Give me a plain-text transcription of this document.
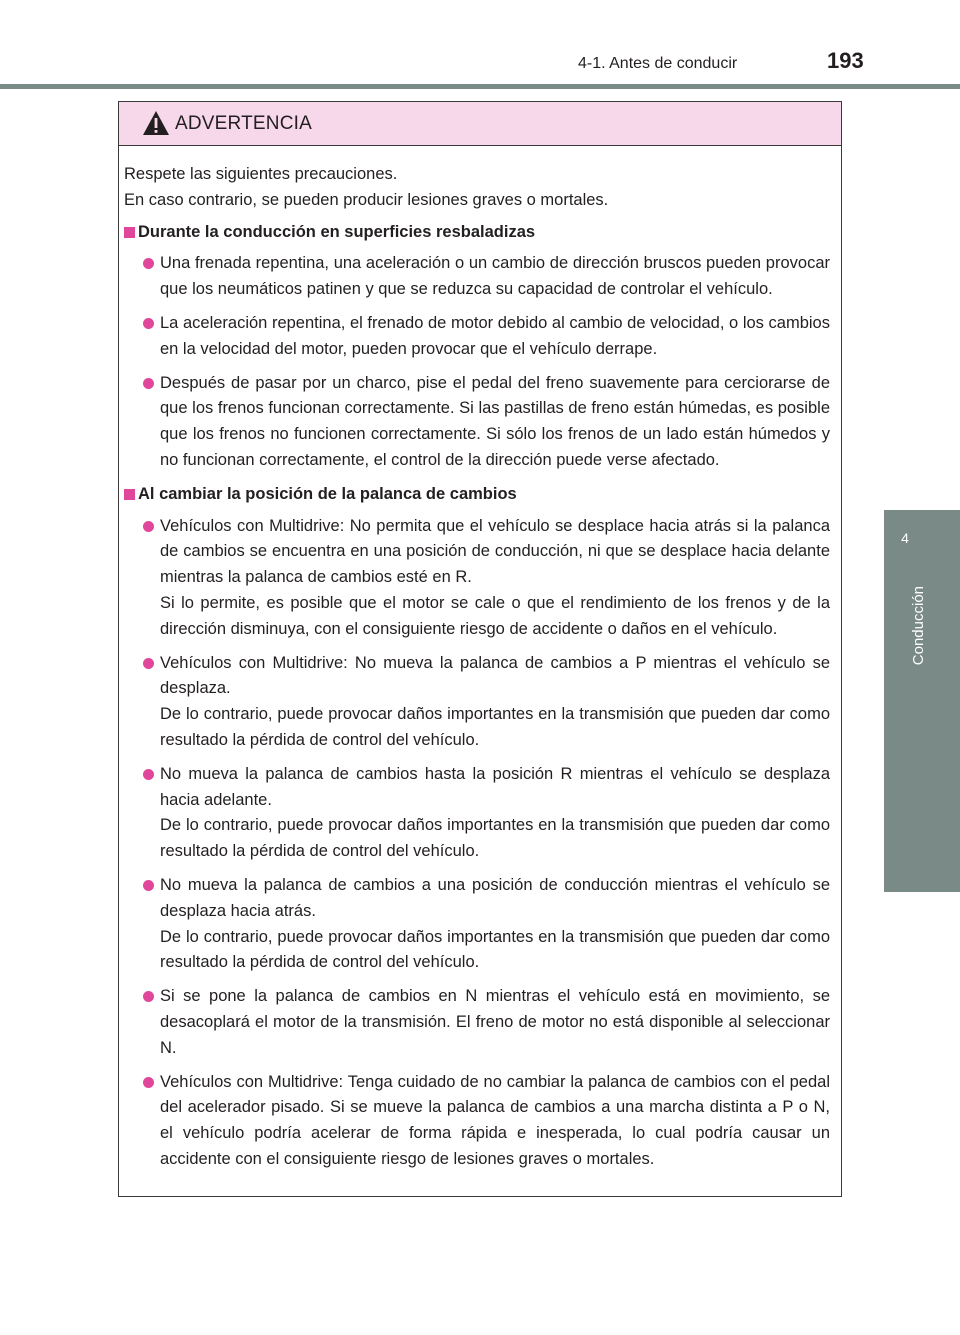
4-1. Antes de conducir	193
4
Conducción
ADVERTENCIA
Respete las siguientes precauciones.
En caso contrario, se pueden producir lesiones graves o mortales.
Durante la conducción en superficies resbaladizas

Una frenada repentina, una aceleración o un cambio de dirección bruscos pueden provocar que los neumáticos patinen y que se reduzca su capacidad de controlar el vehículo.

La aceleración repentina, el frenado de motor debido al cambio de velocidad, o los cambios en la velocidad del motor, pueden provocar que el vehículo derrape.

Después de pasar por un charco, pise el pedal del freno suavemente para cerciorarse de que los frenos funcionan correctamente. Si las pastillas de freno están húmedas, es posible que los frenos no funcionen correctamente. Si sólo los frenos de un lado están húmedos y no funcionan correctamente, el control de la dirección puede verse afectado.

Al cambiar la posición de la palanca de cambios

Vehículos con Multidrive: No permita que el vehículo se desplace hacia atrás si la palanca de cambios se encuentra en una posición de conducción, ni que se desplace hacia delante mientras la palanca de cambios esté en R.

Si lo permite, es posible que el motor se cale o que el rendimiento de los frenos y de la dirección disminuya, con el consiguiente riesgo de accidente o daños en el vehículo.

Vehículos con Multidrive: No mueva la palanca de cambios a P mientras el vehículo se desplaza.

De lo contrario, puede provocar daños importantes en la transmisión que pueden dar como resultado la pérdida de control del vehículo.

No mueva la palanca de cambios hasta la posición R mientras el vehículo se desplaza hacia adelante.

De lo contrario, puede provocar daños importantes en la transmisión que pueden dar como resultado la pérdida de control del vehículo.

No mueva la palanca de cambios a una posición de conducción mientras el vehículo se desplaza hacia atrás.

De lo contrario, puede provocar daños importantes en la transmisión que pueden dar como resultado la pérdida de control del vehículo.

Si se pone la palanca de cambios en N mientras el vehículo está en movimiento, se desacoplará el motor de la transmisión. El freno de motor no está disponible al seleccionar N.

Vehículos con Multidrive: Tenga cuidado de no cambiar la palanca de cambios con el pedal del acelerador pisado. Si se mueve la palanca de cambios a una marcha distinta a P o N, el vehículo podría acelerar de forma rápida e inesperada, lo cual podría causar un accidente con el consiguiente riesgo de lesiones graves o mortales.
